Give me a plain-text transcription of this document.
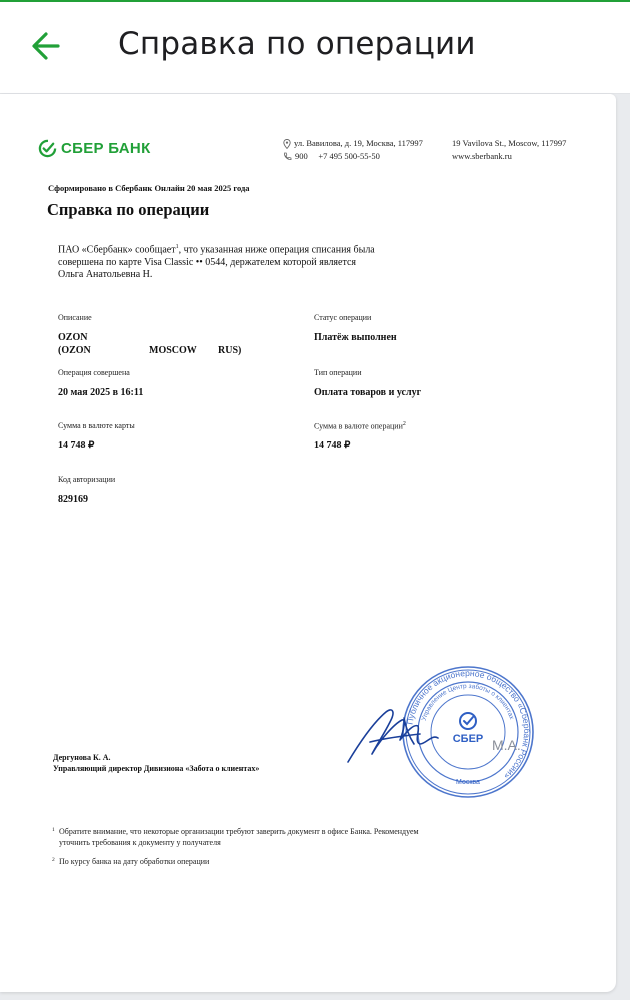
Справка по операции
СБЕР БАНК	ул. Вавилова, д. 19, Москва, 117997
900     +7 495 500-55-50
19 Vavilova St., Moscow, 117997
www.sberbank.ru
Сформировано в Сбербанк Онлайн 20 мая 2025 года
Справка по операции
ПАО «Сбербанк» сообщает$^1$, что указанная ниже операция списания была
совершена по карте Visa Classic •• 0544, держателем которой является
Ольга Анатольевна Н.
Описание
OZON
(OZON	MOSCOW RUS)
Статус операции
Платёж выполнен
Операция совершена
20 мая 2025 в 16:11
Тип операции
Оплата товаров и услуг
Сумма в валюте карты
14 748 ₽
Сумма в валюте операции$^2$
14 748 ₽
Код авторизации
829169
Публичное акционерное общество «Сбербанк России»
Управление Центр заботы о клиентах
СБЕР
Москва
М.А.
Дергунова К. А.
Управляющий директор Дивизиона «Забота о клиентах»
1 Обратите внимание, что некоторые организации требуют заверить документ в офисе Банка. Рекомендуем
уточнить требования к документу у получателя
2 По курсу банка на дату обработки операции
